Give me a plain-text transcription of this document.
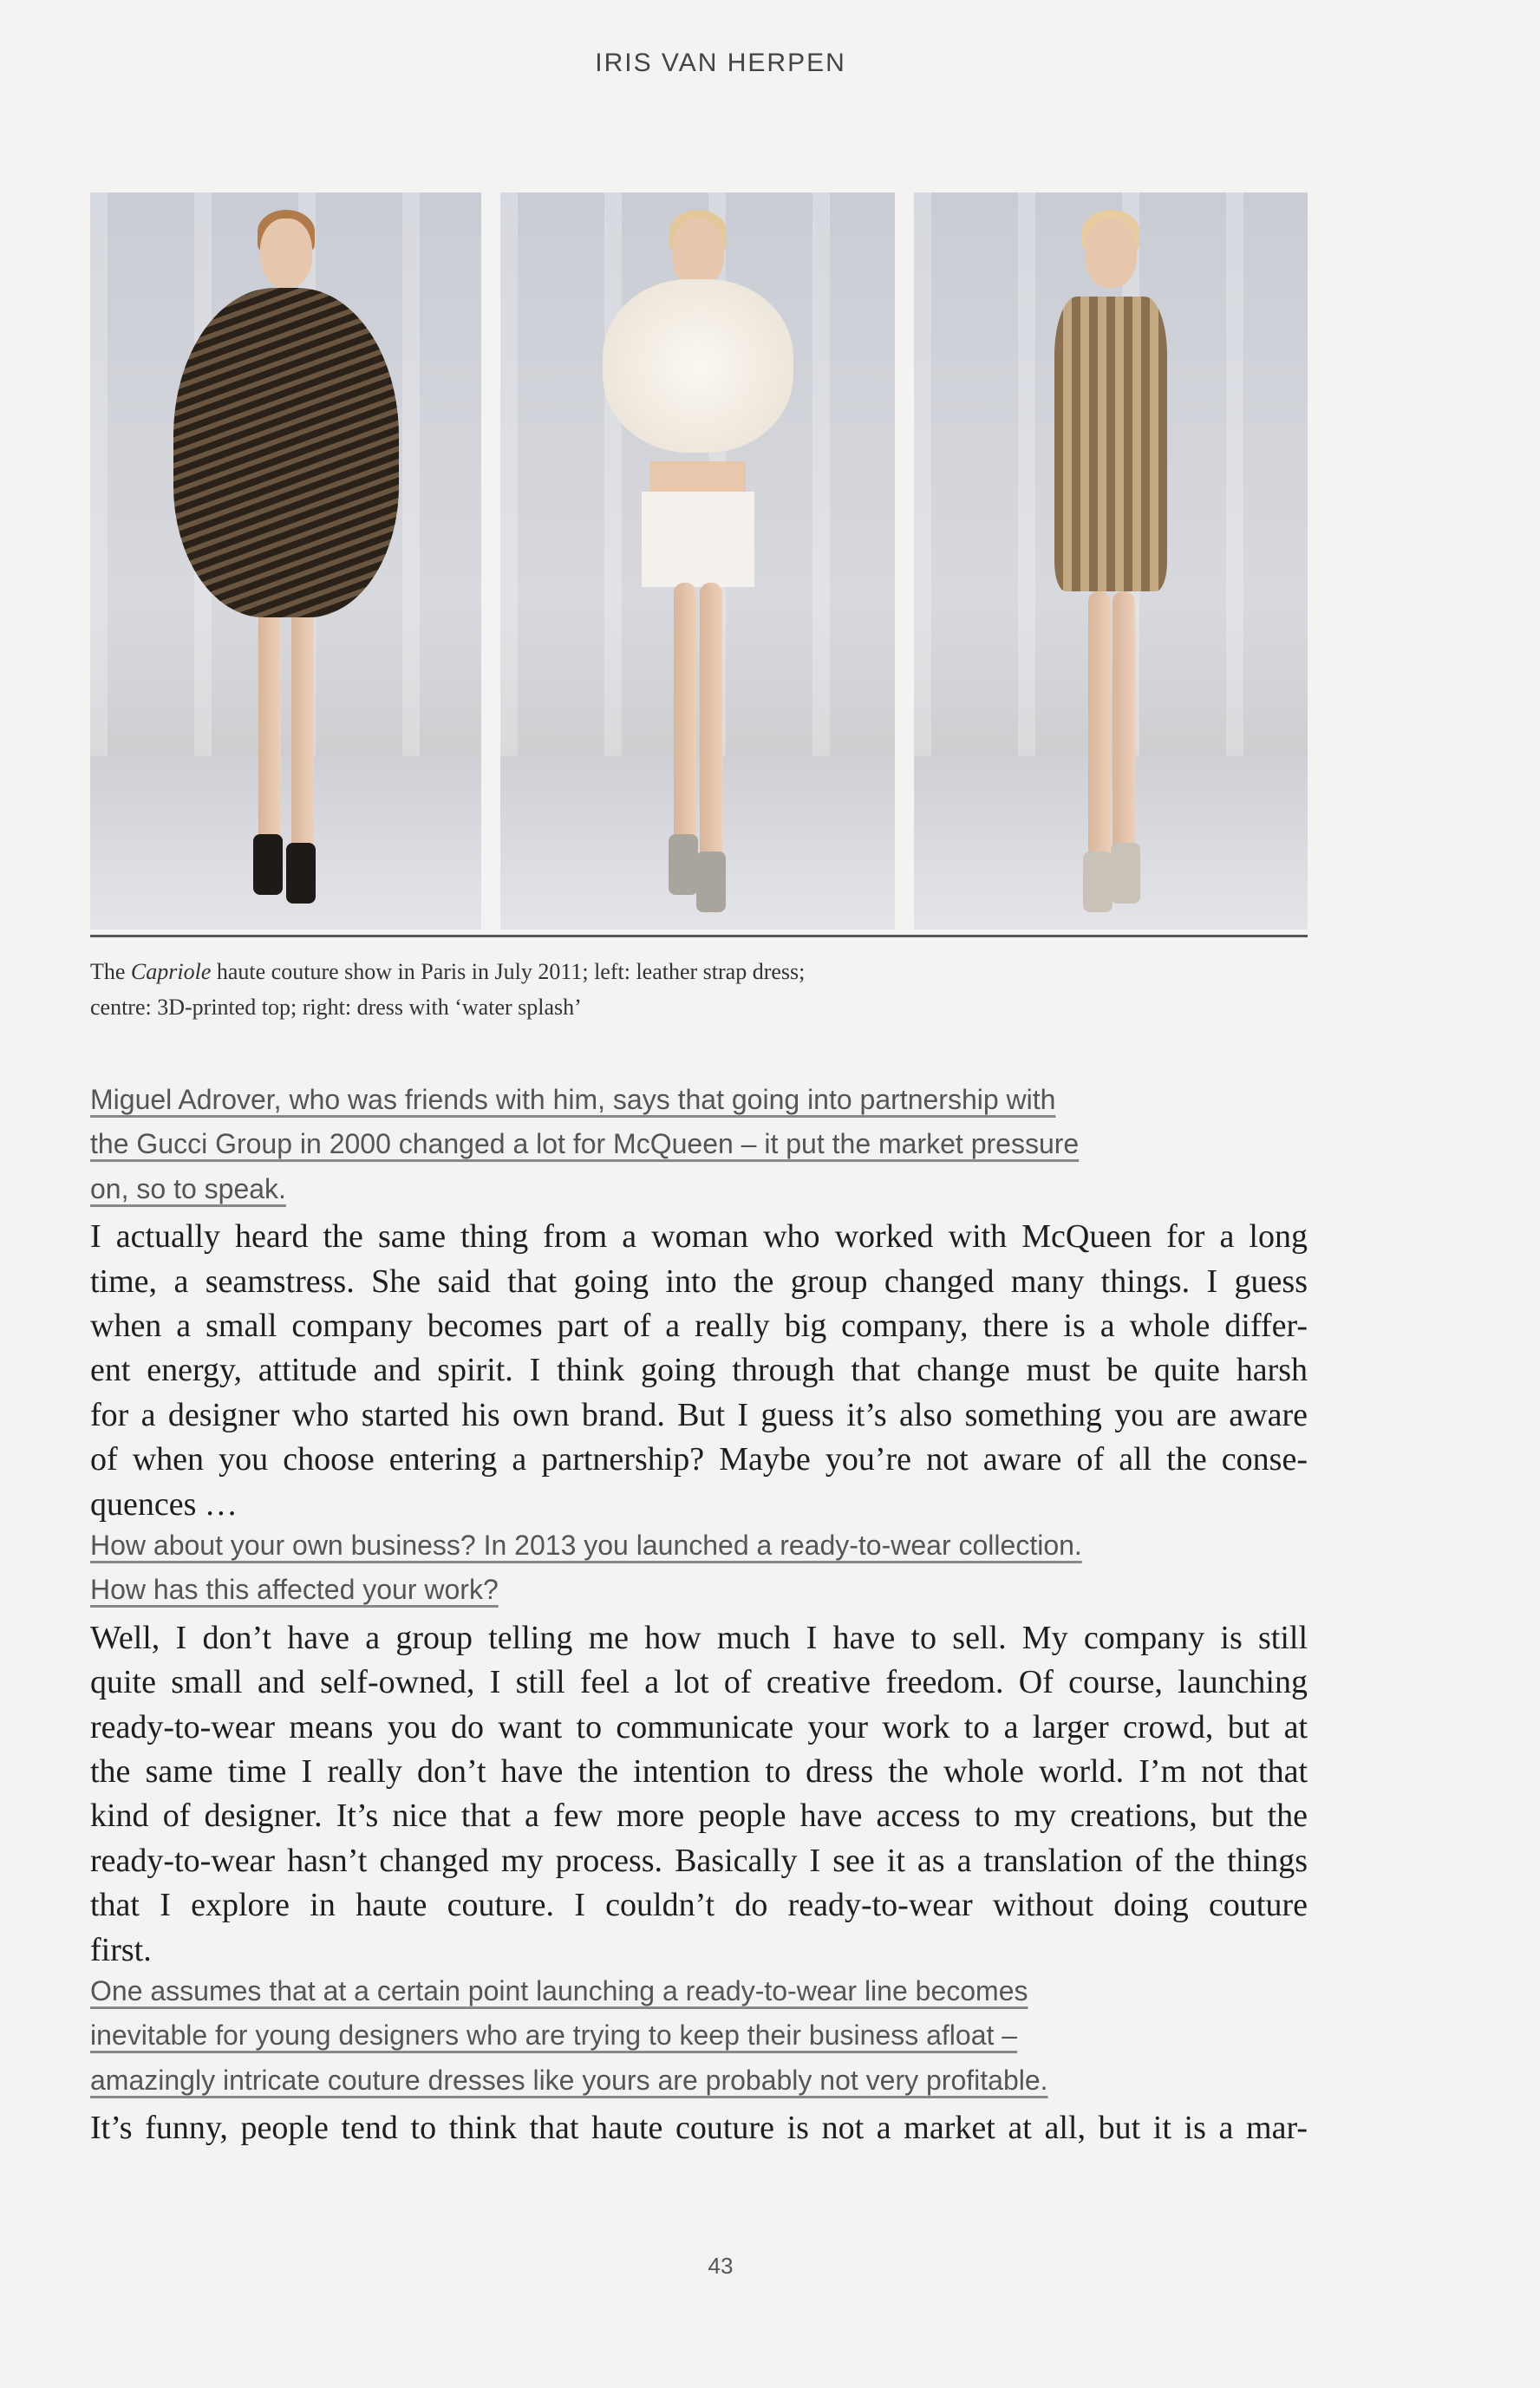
IRIS VAN HERPEN
The Capriole haute couture show in Paris in July 2011; left: leather strap dress;
centre: 3D-printed top; right: dress with ‘water splash’
Miguel Adrover, who was friends with him, says that going into partnership with
the Gucci Group in 2000 changed a lot for McQueen – it put the market pressure
on, so to speak.
I actually heard the same thing from a woman who worked with McQueen for a long
time, a seamstress. She said that going into the group changed many things. I guess
when a small company becomes part of a really big company, there is a whole differ-
ent energy, attitude and spirit. I think going through that change must be quite harsh
for a designer who started his own brand. But I guess it’s also something you are aware
of when you choose entering a partnership? Maybe you’re not aware of all the conse-
quences …
How about your own business? In 2013 you launched a ready-to-wear collection.
How has this affected your work?
Well, I don’t have a group telling me how much I have to sell. My company is still
quite small and self-owned, I still feel a lot of creative freedom. Of course, launching
ready-to-wear means you do want to communicate your work to a larger crowd, but at
the same time I really don’t have the intention to dress the whole world. I’m not that
kind of designer. It’s nice that a few more people have access to my creations, but the
ready-to-wear hasn’t changed my process. Basically I see it as a translation of the things
that I explore in haute couture. I couldn’t do ready-to-wear without doing couture
first.
One assumes that at a certain point launching a ready-to-wear line becomes
inevitable for young designers who are trying to keep their business afloat –
amazingly intricate couture dresses like yours are probably not very profitable.
It’s funny, people tend to think that haute couture is not a market at all, but it is a mar-
43
